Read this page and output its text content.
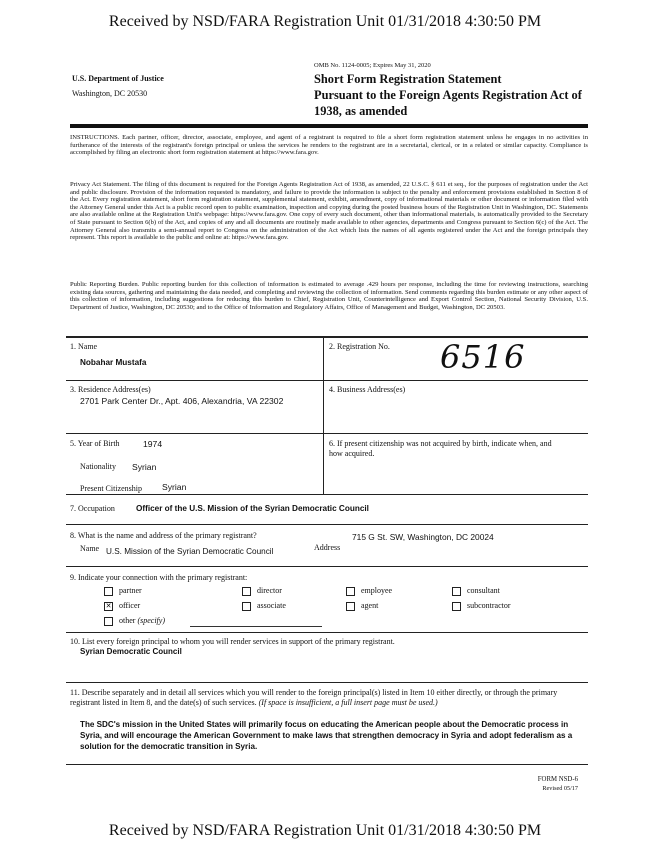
Received by NSD/FARA Registration Unit 01/31/2018 4:30:50 PM
OMB No. 1124-0005; Expires May 31, 2020
U.S. Department of Justice
Washington, DC 20530
Short Form Registration Statement
Pursuant to the Foreign Agents Registration Act of
1938, as amended
INSTRUCTIONS. Each partner, officer, director, associate, employee, and agent of a registrant is required to file a short form registration statement unless he engages in no activities in furtherance of the interests of the registrant's foreign principal or unless the services he renders to the registrant are in a secretarial, clerical, or in a related or similar capacity. Compliance is accomplished by filing an electronic short form registration statement at https://www.fara.gov.
Privacy Act Statement. The filing of this document is required for the Foreign Agents Registration Act of 1938, as amended, 22 U.S.C. § 611 et seq., for the purposes of registration under the Act and public disclosure. Provision of the information requested is mandatory, and failure to provide the information is subject to the penalty and enforcement provisions established in Section 8 of the Act. Every registration statement, short form registration statement, supplemental statement, exhibit, amendment, copy of informational materials or other document or information filed with the Attorney General under this Act is a public record open to public examination, inspection and copying during the posted business hours of the Registration Unit in Washington, DC. Statements are also available online at the Registration Unit's webpage: https://www.fara.gov. One copy of every such document, other than informational materials, is automatically provided to the Secretary of State pursuant to Section 6(b) of the Act, and copies of any and all documents are routinely made available to other agencies, departments and Congress pursuant to Section 6(c) of the Act. The Attorney General also transmits a semi-annual report to Congress on the administration of the Act which lists the names of all agents registered under the Act and the foreign principals they represent. This report is available to the public and online at: https://www.fara.gov.
Public Reporting Burden. Public reporting burden for this collection of information is estimated to average .429 hours per response, including the time for reviewing instructions, searching existing data sources, gathering and maintaining the data needed, and completing and reviewing the collection of information. Send comments regarding this burden estimate or any other aspect of this collection of information, including suggestions for reducing this burden to Chief, Registration Unit, Counterintelligence and Export Control Section, National Security Division, U.S. Department of Justice, Washington, DC 20530; and to the Office of Information and Regulatory Affairs, Office of Management and Budget, Washington, DC 20503.
1. Name
Nobahar Mustafa
2. Registration No. 6516
3. Residence Address(es)
2701 Park Center Dr., Apt. 406, Alexandria, VA 22302
4. Business Address(es)
5. Year of Birth	1974
Nationality Syrian
Present Citizenship Syrian
6. If present citizenship was not acquired by birth, indicate when, and how acquired.
7. Occupation	Officer of the U.S. Mission of the Syrian Democratic Council
8. What is the name and address of the primary registrant?
Name U.S. Mission of the Syrian Democratic Council	Address
715 G St. SW, Washington, DC 20024
9. Indicate your connection with the primary registrant:
partner	director	employee	consultant
✕ officer	associate	agent	subcontractor
other (specify)
10. List every foreign principal to whom you will render services in support of the primary registrant.
Syrian Democratic Council
11. Describe separately and in detail all services which you will render to the foreign principal(s) listed in Item 10 either directly, or through the primary registrant listed in Item 8, and the date(s) of such services. (If space is insufficient, a full insert page must be used.)
The SDC's mission in the United States will primarily focus on educating the American people about the Democratic process in Syria, and will encourage the American Government to make laws that strengthen democracy in Syria and adopt federalism as a solution for the democratic transition in Syria.
FORM NSD-6
Revised 05/17
Received by NSD/FARA Registration Unit 01/31/2018 4:30:50 PM
